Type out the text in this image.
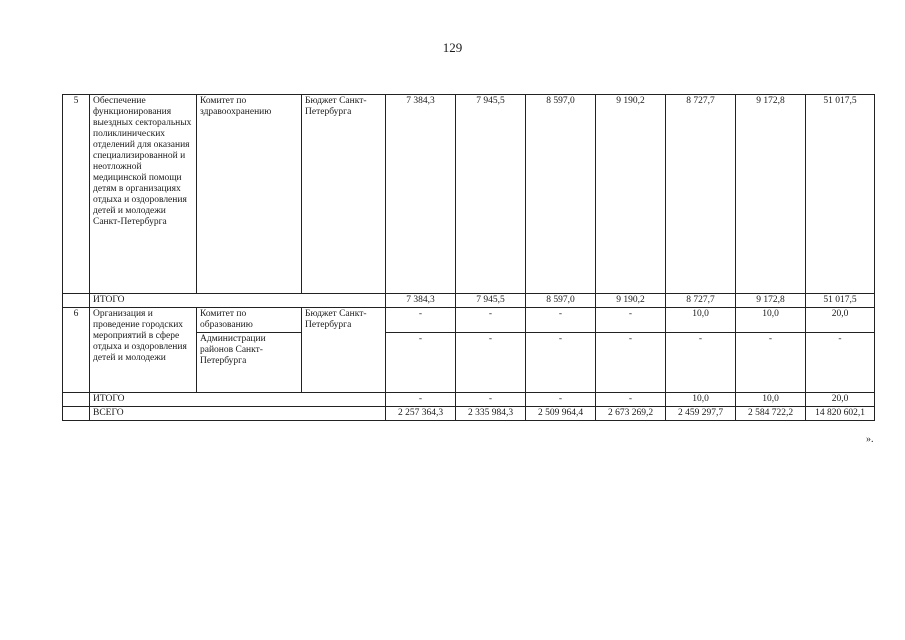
129
5	Обеспечение функционирования выездных секторальных поликлинических отделений для оказания специализированной и неотложной медицинской помощи детям в организациях отдыха и оздоровления детей и молодежи Санкт-Петербурга	Комитет по здравоохранению	Бюджет Санкт-Петербурга	7 384,3	7 945,5	8 597,0	9 190,2	8 727,7	9 172,8	51 017,5
	ИТОГО			7 384,3	7 945,5	8 597,0	9 190,2	8 727,7	9 172,8	51 017,5
6	Организация и проведение городских мероприятий в сфере отдыха и оздоровления детей и молодежи	Комитет по образованию	Бюджет Санкт-Петербурга	-	-	-	-	10,0	10,0	20,0
		Администрации районов Санкт-Петербурга		-	-	-	-	-	-	-
	ИТОГО			-	-	-	-	10,0	10,0	20,0
	ВСЕГО			2 257 364,3	2 335 984,3	2 509 964,4	2 673 269,2	2 459 297,7	2 584 722,2	14 820 602,1
».
